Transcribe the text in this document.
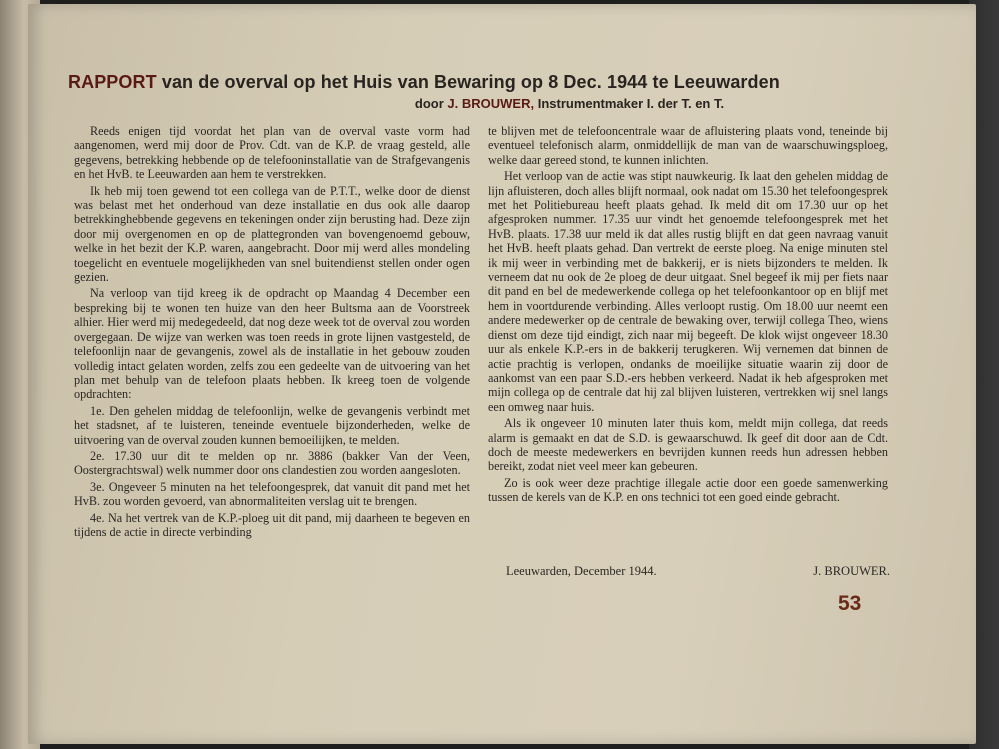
RAPPORT van de overval op het Huis van Bewaring op 8 Dec. 1944 te Leeuwarden
door J. BROUWER, Instrumentmaker I. der T. en T.

Reeds enigen tijd voordat het plan van de overval vaste vorm had aangenomen, werd mij door de Prov. Cdt. van de K.P. de vraag gesteld, alle gegevens, betrekking hebbende op de telefooninstallatie van de Strafgevangenis en het HvB. te Leeuwarden aan hem te verstrekken.

Ik heb mij toen gewend tot een collega van de P.T.T., welke door de dienst was belast met het onderhoud van deze installatie en dus ook alle daarop betrekkinghebbende gegevens en tekeningen onder zijn berusting had. Deze zijn door mij overgenomen en op de plattegronden van bovengenoemd gebouw, welke in het bezit der K.P. waren, aangebracht. Door mij werd alles mondeling toegelicht en eventuele mogelijkheden van snel buitendienst stellen onder ogen gezien.

Na verloop van tijd kreeg ik de opdracht op Maandag 4 December een bespreking bij te wonen ten huize van den heer Bultsma aan de Voorstreek alhier. Hier werd mij medegedeeld, dat nog deze week tot de overval zou worden overgegaan. De wijze van werken was toen reeds in grote lijnen vastgesteld, de telefoonlijn naar de gevangenis, zowel als de installatie in het gebouw zouden volledig intact gelaten worden, zelfs zou een gedeelte van de uitvoering van het plan met behulp van de telefoon plaats hebben. Ik kreeg toen de volgende opdrachten:

1e. Den gehelen middag de telefoonlijn, welke de gevangenis verbindt met het stadsnet, af te luisteren, teneinde eventuele bijzonderheden, welke de uitvoering van de overval zouden kunnen bemoeilijken, te melden.

2e. 17.30 uur dit te melden op nr. 3886 (bakker Van der Veen, Oostergrachtswal) welk nummer door ons clandestien zou worden aangesloten.

3e. Ongeveer 5 minuten na het telefoongesprek, dat vanuit dit pand met het HvB. zou worden gevoerd, van abnormaliteiten verslag uit te brengen.

4e. Na het vertrek van de K.P.-ploeg uit dit pand, mij daarheen te begeven en tijdens de actie in directe verbinding

te blijven met de telefooncentrale waar de afluistering plaats vond, teneinde bij eventueel telefonisch alarm, onmiddellijk de man van de waarschuwingsploeg, welke daar gereed stond, te kunnen inlichten.

Het verloop van de actie was stipt nauwkeurig. Ik laat den gehelen middag de lijn afluisteren, doch alles blijft normaal, ook nadat om 15.30 het telefoongesprek met het Politiebureau heeft plaats gehad. Ik meld dit om 17.30 uur op het afgesproken nummer. 17.35 uur vindt het genoemde telefoongesprek met het HvB. plaats. 17.38 uur meld ik dat alles rustig blijft en dat geen navraag vanuit het HvB. heeft plaats gehad. Dan vertrekt de eerste ploeg. Na enige minuten stel ik mij weer in verbinding met de bakkerij, er is niets bijzonders te melden. Ik verneem dat nu ook de 2e ploeg de deur uitgaat. Snel begeef ik mij per fiets naar dit pand en bel de medewerkende collega op het telefoonkantoor op en blijf met hem in voortdurende verbinding. Alles verloopt rustig. Om 18.00 uur neemt een andere medewerker op de centrale de bewaking over, terwijl collega Theo, wiens dienst om deze tijd eindigt, zich naar mij begeeft. De klok wijst ongeveer 18.30 uur als enkele K.P.-ers in de bakkerij terugkeren. Wij vernemen dat binnen de actie prachtig is verlopen, ondanks de moeilijke situatie waarin zij door de aankomst van een paar S.D.-ers hebben verkeerd. Nadat ik heb afgesproken met mijn collega op de centrale dat hij zal blijven luisteren, vertrekken wij snel langs een omweg naar huis.

Als ik ongeveer 10 minuten later thuis kom, meldt mijn collega, dat reeds alarm is gemaakt en dat de S.D. is gewaarschuwd. Ik geef dit door aan de Cdt. doch de meeste medewerkers en bevrijden kunnen reeds hun adressen hebben bereikt, zodat niet veel meer kan gebeuren.

Zo is ook weer deze prachtige illegale actie door een goede samenwerking tussen de kerels van de K.P. en ons technici tot een goed einde gebracht.

Leeuwarden, December 1944.	J. BROUWER.
53
